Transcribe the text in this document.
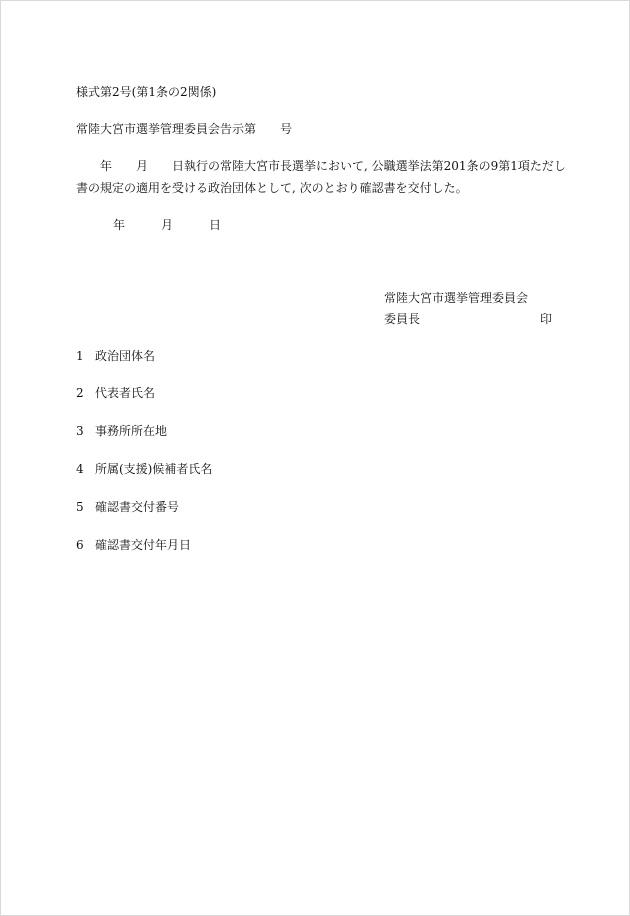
様式第2号(第1条の2関係)
常陸大宮市選挙管理委員会告示第 号
年 月 日執行の常陸大宮市長選挙において, 公職選挙法第201条の9第1項ただし
書の規定の適用を受ける政治団体として, 次のとおり確認書を交付した。
年	月	日
常陸大宮市選挙管理委員会
委員長	印
1 政治団体名
2 代表者氏名
3 事務所所在地
4 所属(支援)候補者氏名
5 確認書交付番号
6 確認書交付年月日
